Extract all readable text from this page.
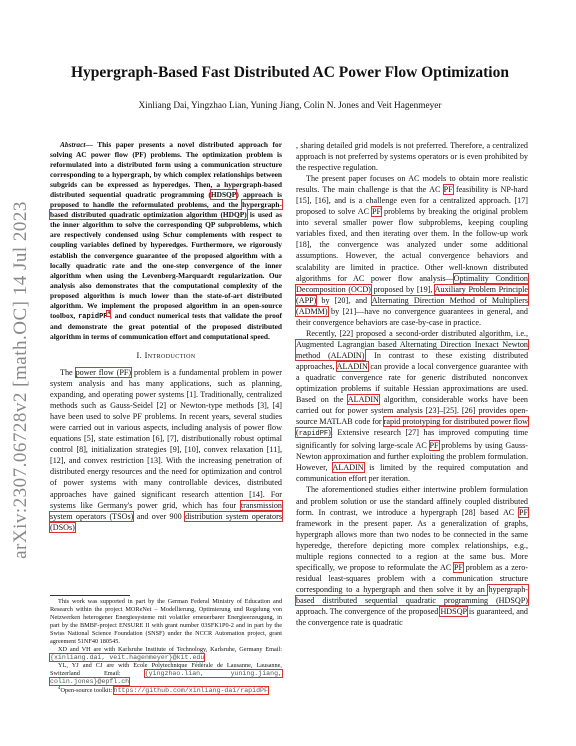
arXiv:2307.06728v2 [math.OC] 14 Jul 2023
Hypergraph-Based Fast Distributed AC Power Flow Optimization
Xinliang Dai, Yingzhao Lian, Yuning Jiang, Colin N. Jones and Veit Hagenmeyer

Abstract— This paper presents a novel distributed approach for solving AC power flow (PF) problems. The optimization problem is reformulated into a distributed form using a communication structure corresponding to a hypergraph, by which complex relationships between subgrids can be expressed as hyperedges. Then, a hypergraph-based distributed sequential quadratic programming (HDSQP) approach is proposed to handle the reformulated problems, and the hypergraph-based distributed quadratic optimization algorithm (HDQP) is used as the inner algorithm to solve the corresponding QP subproblems, which are respectively condensed using Schur complements with respect to coupling variables defined by hyperedges. Furthermore, we rigorously establish the convergence guarantee of the proposed algorithm with a locally quadratic rate and the one-step convergence of the inner algorithm when using the Levenberg-Marquardt regularization. Our analysis also demonstrates that the computational complexity of the proposed algorithm is much lower than the state-of-art distributed algorithm. We implement the proposed algorithm in an open-source toolbox, rapidPF$^4$, and conduct numerical tests that validate the proof and demonstrate the great potential of the proposed distributed algorithm in terms of communication effort and computational speed.

I. Introduction

The power flow (PF) problem is a fundamental problem in power system analysis and has many applications, such as planning, expanding, and operating power systems [1]. Traditionally, centralized methods such as Gauss-Seidel [2] or Newton-type methods [3], [4] have been used to solve PF problems. In recent years, several studies were carried out in various aspects, including analysis of power flow equations [5], state estimation [6], [7], distributionally robust optimal control [8], initialization strategies [9], [10], convex relaxation [11], [12], and convex restriction [13]. With the increasing penetration of distributed energy resources and the need for optimization and control of power systems with many controllable devices, distributed approaches have gained significant research attention [14]. For systems like Germany's power grid, which has four transmission system operators (TSOs) and over 900 distribution system operators (DSOs)

This work was supported in part by the German Federal Ministry of Education and Research within the project MOReNet – Modellierung, Optimierung und Regelung von Netzwerken heterogener Energiesysteme mit volatiler erneuerbarer Energieerzeugung, in part by the BMBF-project ENSURE II with grant number 03SFK1P0-2 and in part by the Swiss National Science Foundation (SNSF) under the NCCR Automation project, grant agreement 51NF40 180545.

XD and VH are with Karlsruhe Institute of Technology, Karlsruhe, Germany Email: {xinliang.dai, veit.hagenmeyer}@kit.edu

YL, YJ and CJ are with École Polytechnique Fédérale de Lausanne, Lausanne, Switzerland Email: {yingzhao.lian, yuning.jiang, colin.jones}@epfl.ch

$^4$Open-source toolkit: https://github.com/xinliang-dai/rapidPF

, sharing detailed grid models is not preferred. Therefore, a centralized approach is not preferred by systems operators or is even prohibited by the respective regulation.

The present paper focuses on AC models to obtain more realistic results. The main challenge is that the AC PF feasibility is NP-hard [15], [16], and is a challenge even for a centralized approach. [17] proposed to solve AC PF problems by breaking the original problem into several smaller power flow subproblems, keeping coupling variables fixed, and then iterating over them. In the follow-up work [18], the convergence was analyzed under some additional assumptions. However, the actual convergence behaviors and scalability are limited in practice. Other well-known distributed algorithms for AC power flow analysis—Optimality Condition Decomposition (OCD) proposed by [19], Auxiliary Problem Principle (APP) by [20], and Alternating Direction Method of Multipliers (ADMM) by [21]—have no convergence guarantees in general, and their convergence behaviors are case-by-case in practice.

Recently, [22] proposed a second-order distributed algorithm, i.e., Augmented Lagrangian based Alternating Direction Inexact Newton method (ALADIN). In contrast to these existing distributed approaches, ALADIN can provide a local convergence guarantee with a quadratic convergence rate for generic distributed nonconvex optimization problems if suitable Hessian approximations are used. Based on the ALADIN algorithm, considerable works have been carried out for power system analysis [23]–[25]. [26] provides open-source MATLAB code for rapid prototyping for distributed power flow (rapidPF). Extensive research [27] has improved computing time significantly for solving large-scale AC PF problems by using Gauss-Newton approximation and further exploiting the problem formulation. However, ALADIN is limited by the required computation and communication effort per iteration.

The aforementioned studies either intertwine problem formulation and problem solution or use the standard affinely coupled distributed form. In contrast, we introduce a hypergraph [28] based AC PF framework in the present paper. As a generalization of graphs, hypergraph allows more than two nodes to be connected in the same hyperedge, therefore depicting more complex relationships, e.g., multiple regions connected to a region at the same bus. More specifically, we propose to reformulate the AC PF problem as a zero-residual least-squares problem with a communication structure corresponding to a hypergraph and then solve it by an hypergraph-based distributed sequential quadratic programming (HDSQP) approach. The convergence of the proposed HDSQP is guaranteed, and the convergence rate is quadratic
